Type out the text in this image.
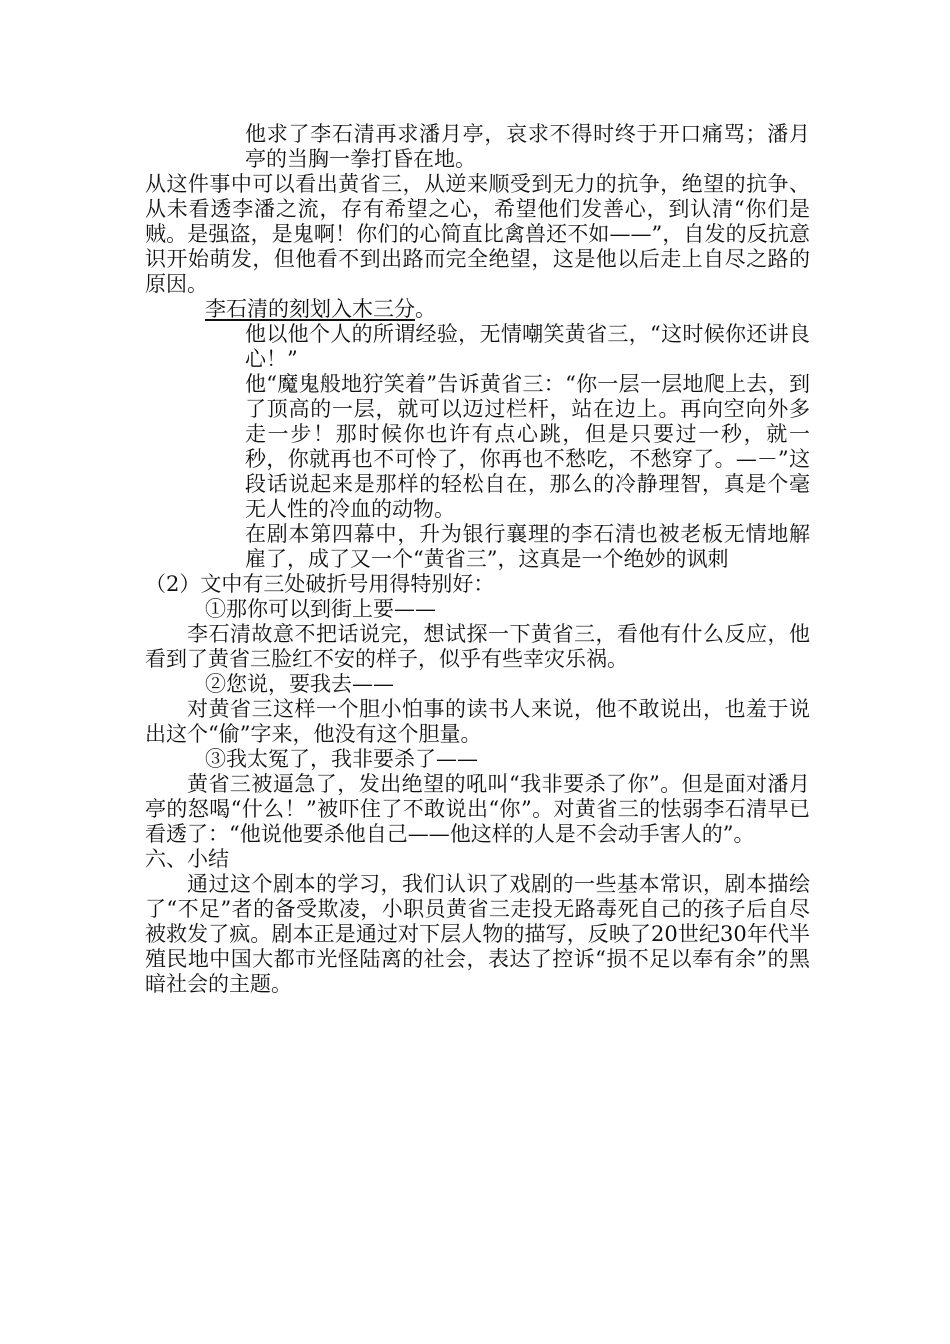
他求了李石清再求潘月亭，哀求不得时终于开口痛骂；潘月亭的当胸一拳打昏在地。

从这件事中可以看出黄省三，从逆来顺受到无力的抗争，绝望的抗争、从未看透李潘之流，存有希望之心，希望他们发善心，到认清“你们是贼。是强盗，是鬼啊！你们的心简直比禽兽还不如——”，自发的反抗意识开始萌发，但他看不到出路而完全绝望，这是他以后走上自尽之路的原因。

李石清的刻划入木三分。

他以他个人的所谓经验，无情嘲笑黄省三，“这时候你还讲良心！”

他“魔鬼般地狞笑着”告诉黄省三：“你一层一层地爬上去，到了顶高的一层，就可以迈过栏杆，站在边上。再向空向外多走一步！那时候你也许有点心跳，但是只要过一秒，就一秒，你就再也不可怜了，你再也不愁吃，不愁穿了。—－”这段话说起来是那样的轻松自在，那么的冷静理智，真是个毫无人性的冷血的动物。

在剧本第四幕中，升为银行襄理的李石清也被老板无情地解雇了，成了又一个“黄省三”，这真是一个绝妙的讽刺

（2）文中有三处破折号用得特别好：

①那你可以到街上要——

李石清故意不把话说完，想试探一下黄省三，看他有什么反应，他看到了黄省三脸红不安的样子，似乎有些幸灾乐祸。

②您说，要我去——

对黄省三这样一个胆小怕事的读书人来说，他不敢说出，也羞于说出这个“偷”字来，他没有这个胆量。

③我太冤了，我非要杀了——

黄省三被逼急了，发出绝望的吼叫“我非要杀了你”。但是面对潘月亭的怒喝“什么！”被吓住了不敢说出“你”。对黄省三的怯弱李石清早已看透了：“他说他要杀他自己——他这样的人是不会动手害人的”。

六、小结

通过这个剧本的学习，我们认识了戏剧的一些基本常识，剧本描绘了“不足”者的备受欺凌，小职员黄省三走投无路毒死自己的孩子后自尽被救发了疯。剧本正是通过对下层人物的描写，反映了20世纪30年代半殖民地中国大都市光怪陆离的社会，表达了控诉“损不足以奉有余”的黑暗社会的主题。
